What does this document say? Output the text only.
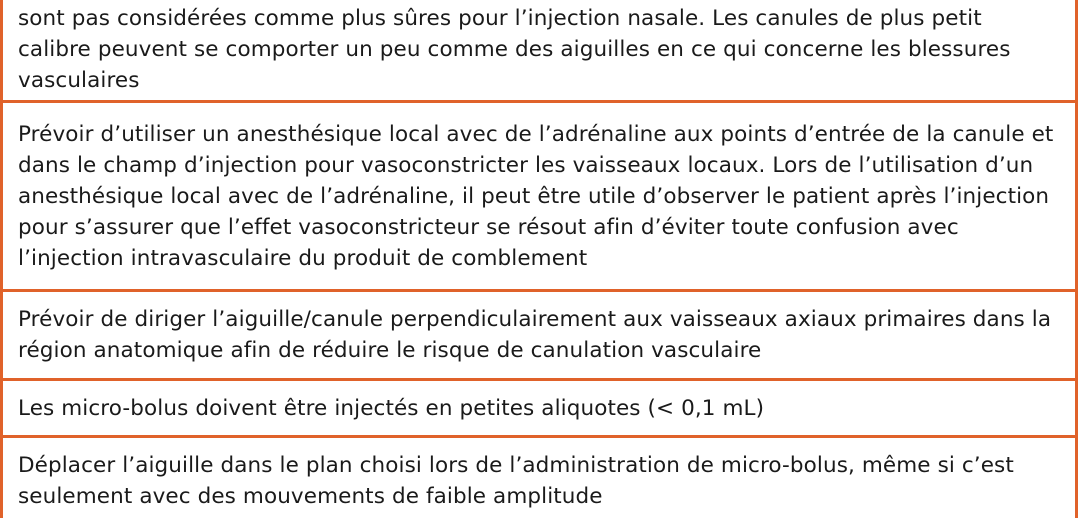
sont pas considérées comme plus sûres pour l’injection nasale. Les canules de plus petit calibre peuvent se comporter un peu comme des aiguilles en ce qui concerne les blessures vasculaires
Prévoir d’utiliser un anesthésique local avec de l’adrénaline aux points d’entrée de la canule et dans le champ d’injection pour vasoconstricter les vaisseaux locaux. Lors de l’utilisation d’un anesthésique local avec de l’adrénaline, il peut être utile d’observer le patient après l’injection pour s’assurer que l’effet vasoconstricteur se résout afin d’éviter toute confusion avec l’injection intravasculaire du produit de comblement
Prévoir de diriger l’aiguille/canule perpendiculairement aux vaisseaux axiaux primaires dans la région anatomique afin de réduire le risque de canulation vasculaire
Les micro-bolus doivent être injectés en petites aliquotes (< 0,1 mL)
Déplacer l’aiguille dans le plan choisi lors de l’administration de micro-bolus, même si c’est seulement avec des mouvements de faible amplitude
